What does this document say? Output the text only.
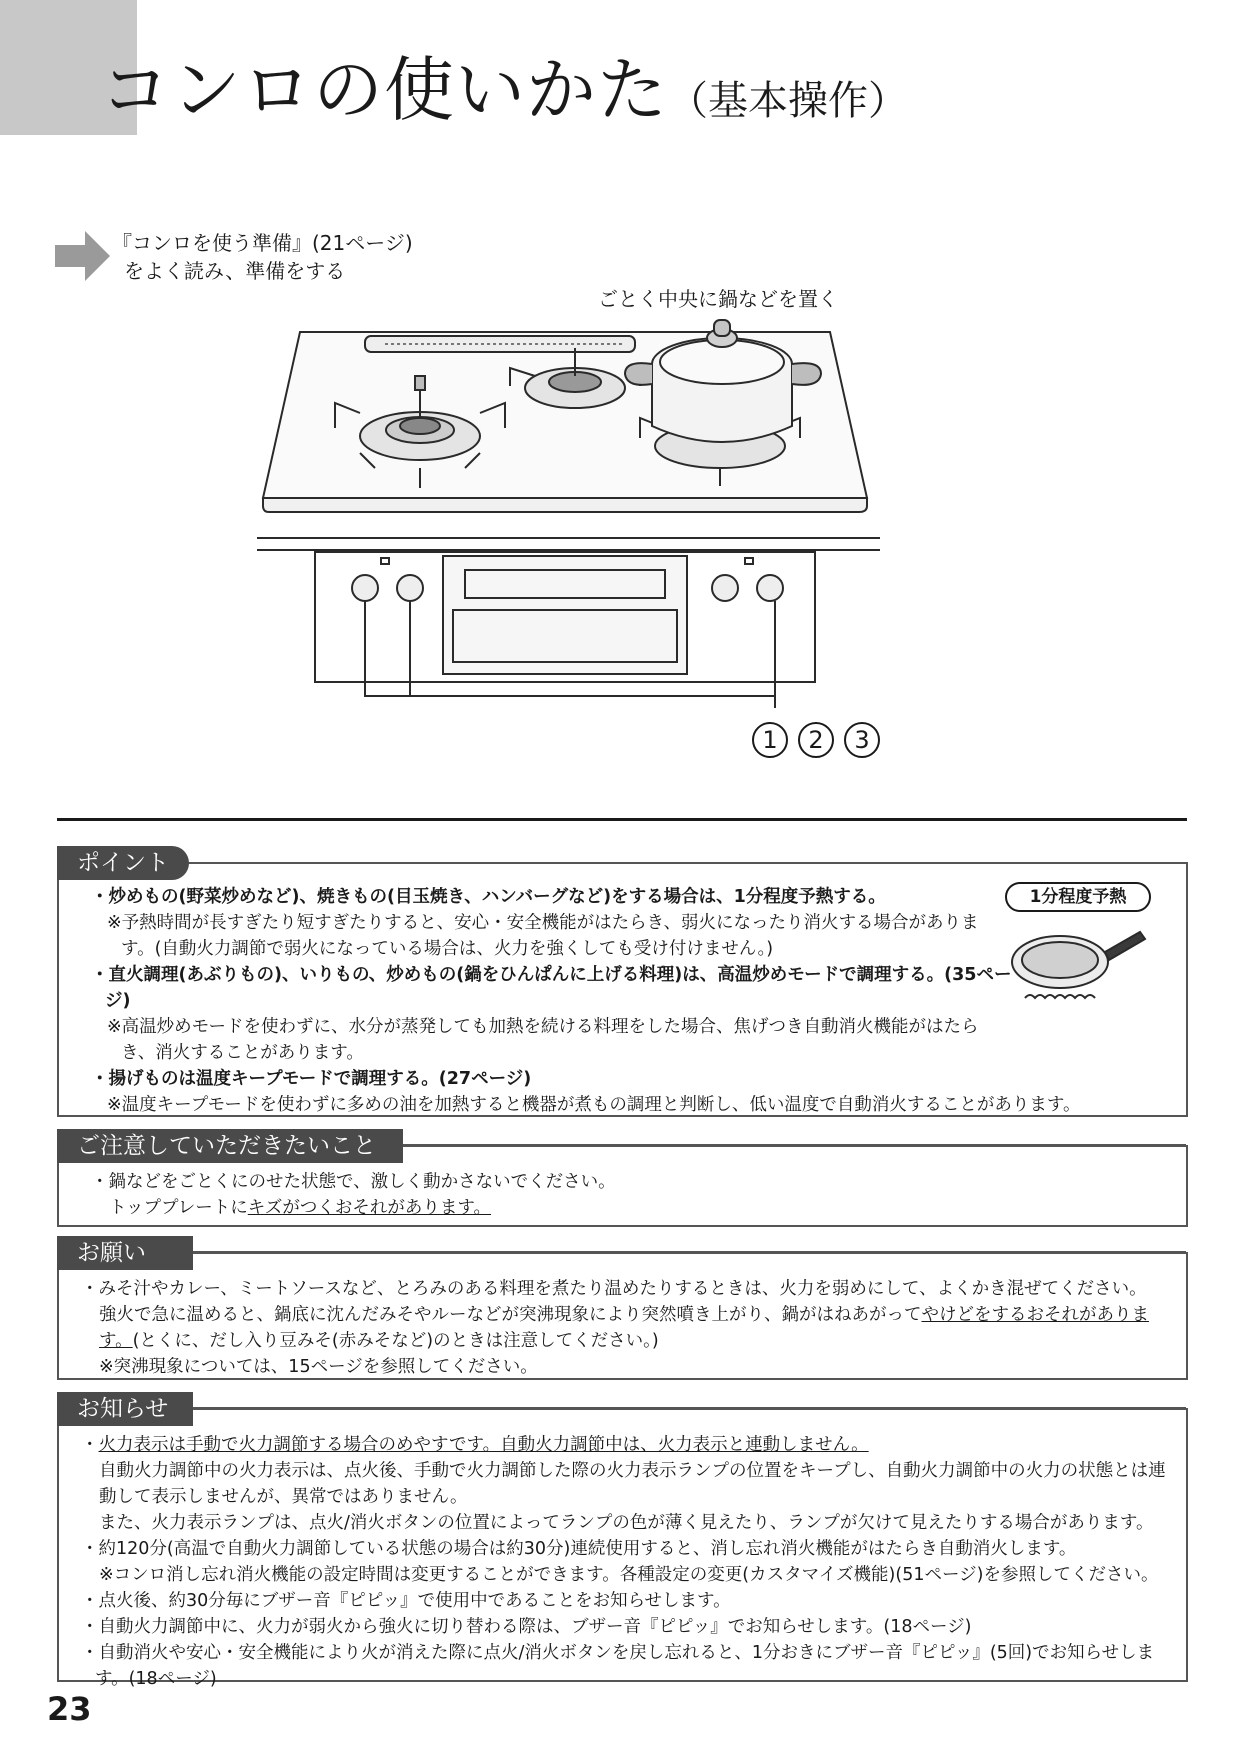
コンロの使いかた（基本操作）
『コンロを使う準備』(21ページ)
をよく読み、準備をする
ごとく中央に鍋などを置く
1 2 3
・炒めもの(野菜炒めなど)、焼きもの(目玉焼き、ハンバーグなど)をする場合は、1分程度予熱する。
※予熱時間が長すぎたり短すぎたりすると、安心・安全機能がはたらき、弱火になったり消火する場合があります。(自動火力調節で弱火になっている場合は、火力を強くしても受け付けません。)
・直火調理(あぶりもの)、いりもの、炒めもの(鍋をひんぱんに上げる料理)は、高温炒めモードで調理する。(35ページ)
※高温炒めモードを使わずに、水分が蒸発しても加熱を続ける料理をした場合、焦げつき自動消火機能がはたらき、消火することがあります。
・揚げものは温度キープモードで調理する。(27ページ)
※温度キープモードを使わずに多めの油を加熱すると機器が煮もの調理と判断し、低い温度で自動消火することがあります。
1分程度予熱
ポイント
・鍋などをごとくにのせた状態で、激しく動かさないでください。
トッププレートにキズがつくおそれがあります。
ご注意していただきたいこと
・みそ汁やカレー、ミートソースなど、とろみのある料理を煮たり温めたりするときは、火力を弱めにして、よくかき混ぜてください。
強火で急に温めると、鍋底に沈んだみそやルーなどが突沸現象により突然噴き上がり、鍋がはねあがってやけどをするおそれがあります。(とくに、だし入り豆みそ(赤みそなど)のときは注意してください。)
※突沸現象については、15ページを参照してください。
お願い
・火力表示は手動で火力調節する場合のめやすです。自動火力調節中は、火力表示と連動しません。
自動火力調節中の火力表示は、点火後、手動で火力調節した際の火力表示ランプの位置をキープし、自動火力調節中の火力の状態とは連動して表示しませんが、異常ではありません。
また、火力表示ランプは、点火/消火ボタンの位置によってランプの色が薄く見えたり、ランプが欠けて見えたりする場合があります。
・約120分(高温で自動火力調節している状態の場合は約30分)連続使用すると、消し忘れ消火機能がはたらき自動消火します。
※コンロ消し忘れ消火機能の設定時間は変更することができます。各種設定の変更(カスタマイズ機能)(51ページ)を参照してください。
・点火後、約30分毎にブザー音『ピピッ』で使用中であることをお知らせします。
・自動火力調節中に、火力が弱火から強火に切り替わる際は、ブザー音『ピピッ』でお知らせします。(18ページ)
・自動消火や安心・安全機能により火が消えた際に点火/消火ボタンを戻し忘れると、1分おきにブザー音『ピピッ』(5回)でお知らせします。(18ページ)
お知らせ
23
